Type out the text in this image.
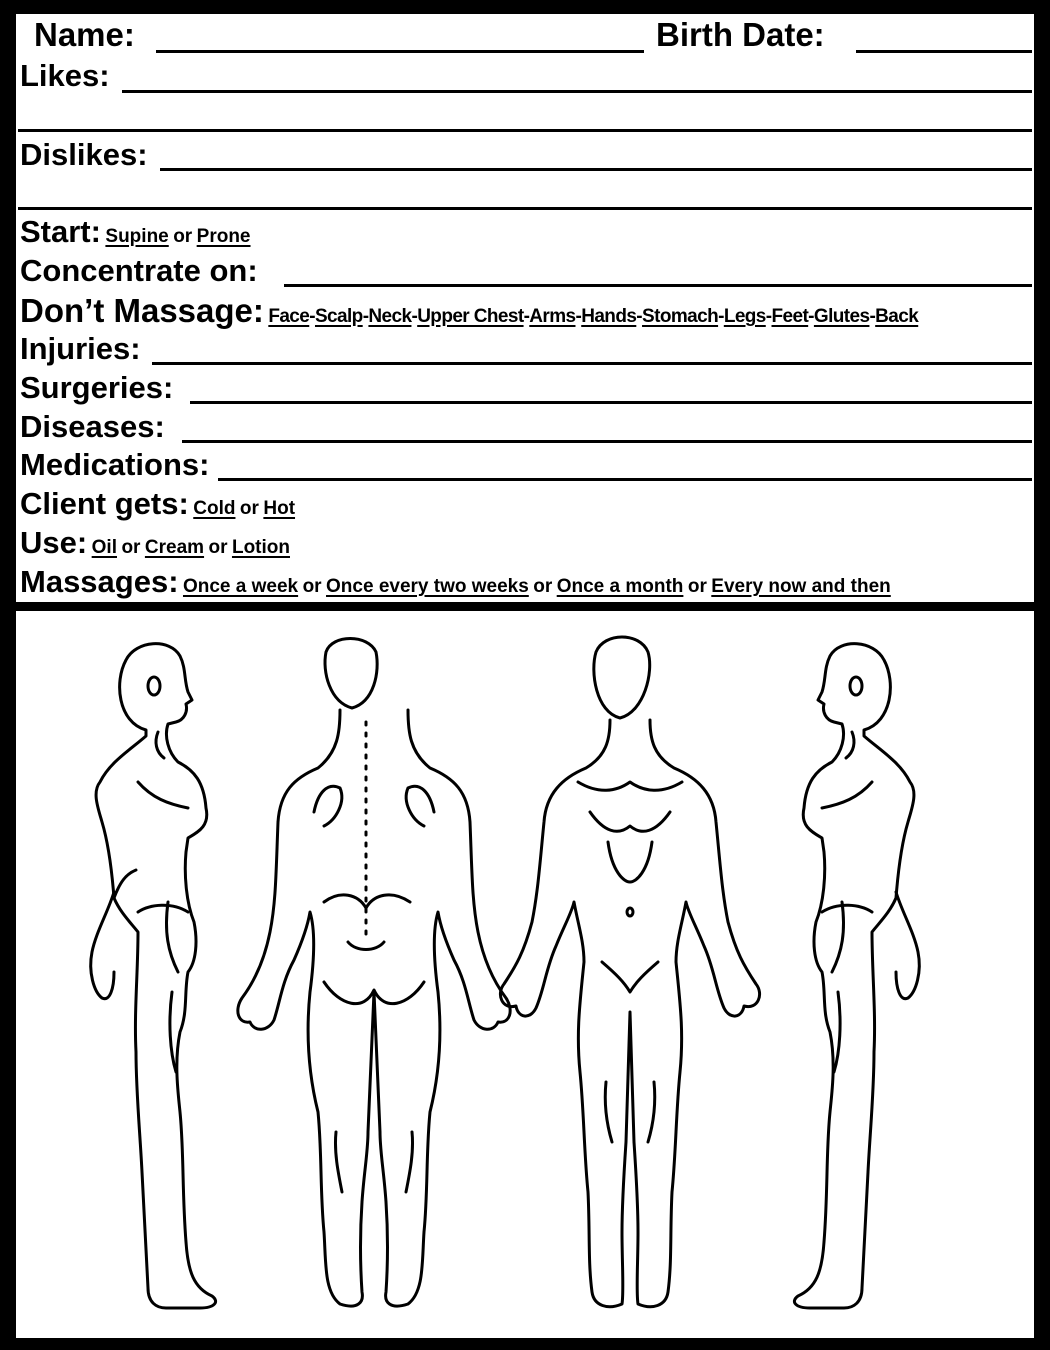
Name:	Birth Date:
Likes:
Dislikes:
Start: Supine or Prone
Concentrate on:
Don’t Massage: Face-Scalp-Neck-Upper Chest-Arms-Hands-Stomach-Legs-Feet-Glutes-Back
Injuries:
Surgeries:
Diseases:
Medications:
Client gets: Cold or Hot
Use: Oil or Cream or Lotion
Massages: Once a week or Once every two weeks or Once a month or Every now and then
